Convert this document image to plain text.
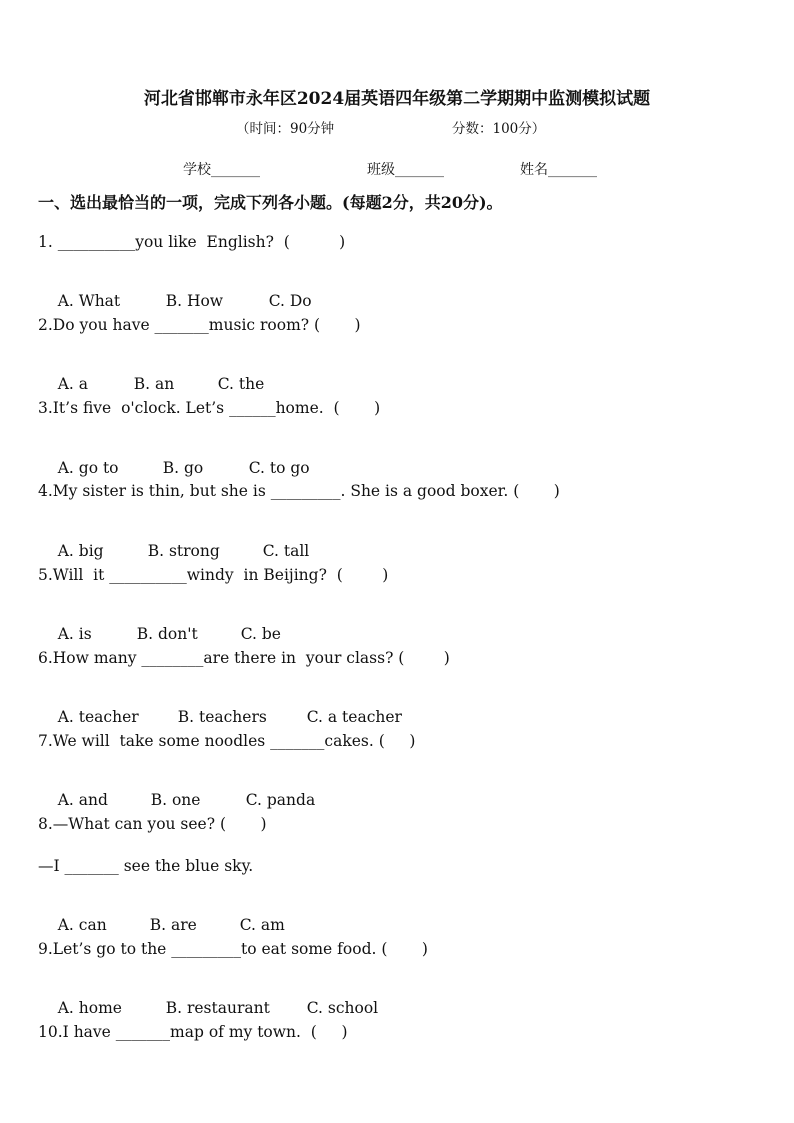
河北省邯郸市永年区2024届英语四年级第二学期期中监测模拟试题
（时间：90分钟	分数：100分）
学校_______	班级_______	姓名_______
一、选出最恰当的一项，完成下列各小题。(每题2分，共20分)。
1. __________you like  English?  (          )

A. What	B. How	C. Do

2.Do you have _______music room? (       )

A. a	B. an	C. the

3.It’s five  o'clock. Let’s ______home.  (       )

A. go to	B. go	C. to go

4.My sister is thin, but she is _________. She is a good boxer. (       )

A. big	B. strong	C. tall

5.Will  it __________windy  in Beijing?  (        )

A. is	B. don't	C. be

6.How many ________are there in  your class? (        )

A. teacher	B. teachers	C. a teacher

7.We will  take some noodles _______cakes. (     )

A. and	B. one	C. panda

8.—What can you see? (       )
—I _______ see the blue sky.

A. can	B. are	C. am

9.Let’s go to the _________to eat some food. (       )

A. home	B. restaurant C. school

10.I have _______map of my town.  (     )
